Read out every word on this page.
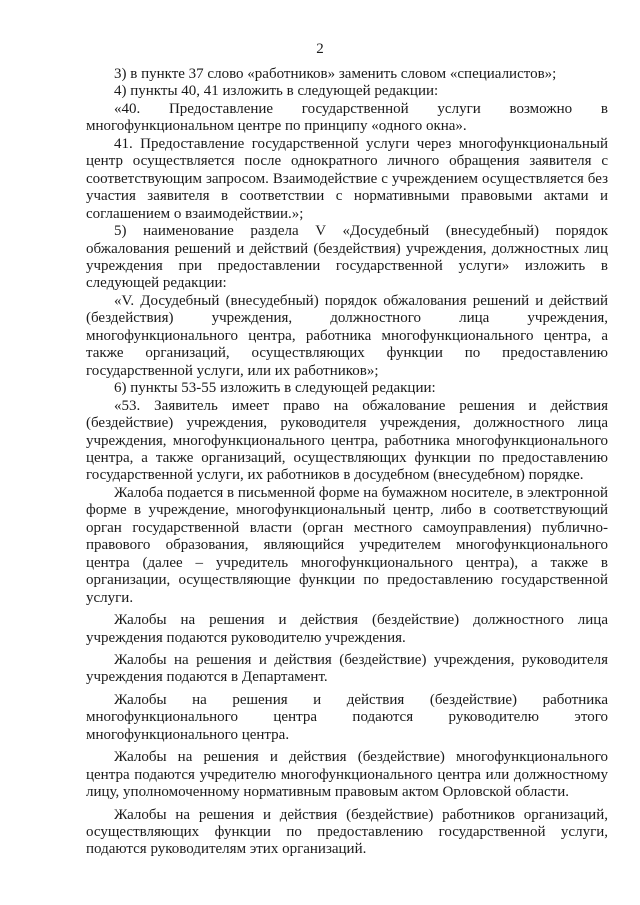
2

3) в пункте 37 слово «работников» заменить словом «специалистов»;

4) пункты 40, 41 изложить в следующей редакции:

«40. Предоставление государственной услуги возможно в многофункциональном центре по принципу «одного окна».

41. Предоставление государственной услуги через многофункциональный центр осуществляется после однократного личного обращения заявителя с соответствующим запросом. Взаимодействие с учреждением осуществляется без участия заявителя в соответствии с нормативными правовыми актами и соглашением о взаимодействии.»;

5) наименование раздела V «Досудебный (внесудебный) порядок обжалования решений и действий (бездействия) учреждения, должностных лиц учреждения при предоставлении государственной услуги» изложить в следующей редакции:

«V. Досудебный (внесудебный) порядок обжалования решений и действий (бездействия) учреждения, должностного лица учреждения, многофункционального центра, работника многофункционального центра, а также организаций, осуществляющих функции по предоставлению государственной услуги, или их работников»;

6) пункты 53-55 изложить в следующей редакции:

«53. Заявитель имеет право на обжалование решения и действия (бездействие) учреждения, руководителя учреждения, должностного лица учреждения, многофункционального центра, работника многофункционального центра, а также организаций, осуществляющих функции по предоставлению государственной услуги, их работников в досудебном (внесудебном) порядке.

Жалоба подается в письменной форме на бумажном носителе, в электронной форме в учреждение, многофункциональный центр, либо в соответствующий орган государственной власти (орган местного самоуправления) публично-правового образования, являющийся учредителем многофункционального центра (далее – учредитель многофункционального центра), а также в организации, осуществляющие функции по предоставлению государственной услуги.

Жалобы на решения и действия (бездействие) должностного лица учреждения подаются руководителю учреждения.

Жалобы на решения и действия (бездействие) учреждения, руководителя учреждения подаются в Департамент.

Жалобы на решения и действия (бездействие) работника многофункционального центра подаются руководителю этого многофункционального центра.

Жалобы на решения и действия (бездействие) многофункционального центра подаются учредителю многофункционального центра или должностному лицу, уполномоченному нормативным правовым актом Орловской области.

Жалобы на решения и действия (бездействие) работников организаций, осуществляющих функции по предоставлению государственной услуги, подаются руководителям этих организаций.
